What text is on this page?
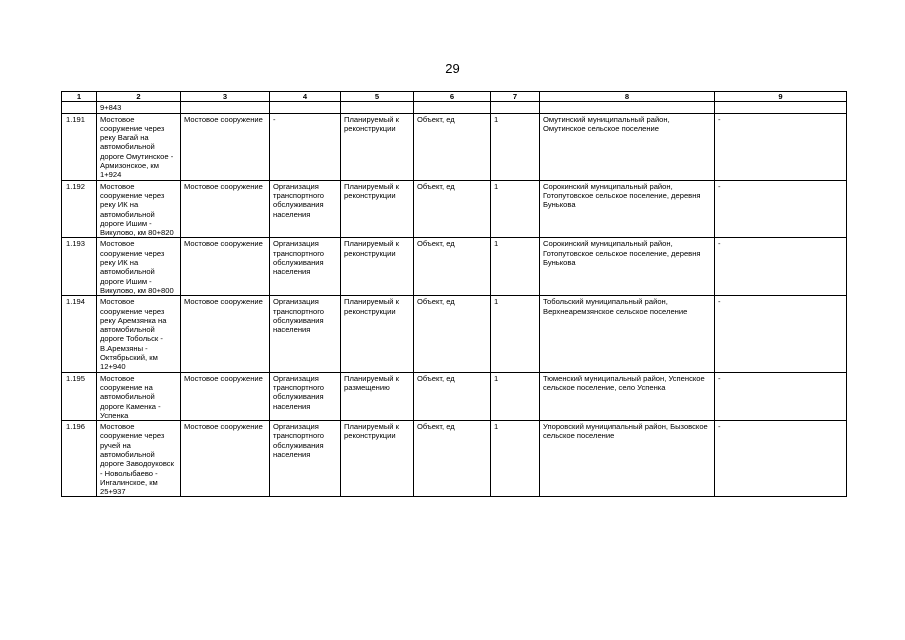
29
1	2	3	4	5	6	7	8	9
	9+843							
1.191	Мостовое сооружение через реку Вагай на автомобильной дороге Омутинское - Армизонское, км 1+924	Мостовое сооружение	-	Планируемый к реконструкции	Объект, ед	1	Омутинский муниципальный район, Омутинское сельское поселение	-
1.192	Мостовое сооружение через реку ИК на автомобильной дороге Ишим - Викулово, км 80+820	Мостовое сооружение	Организация транспортного обслуживания населения	Планируемый к реконструкции	Объект, ед	1	Сорокинский муниципальный район, Готопутовское сельское поселение, деревня Бунькова	-
1.193	Мостовое сооружение через реку ИК на автомобильной дороге Ишим - Викулово, км 80+800	Мостовое сооружение	Организация транспортного обслуживания населения	Планируемый к реконструкции	Объект, ед	1	Сорокинский муниципальный район, Готопутовское сельское поселение, деревня Бунькова	-
1.194	Мостовое сооружение через реку Аремзянка на автомобильной дороге Тобольск - В.Аремзяны - Октябрьский, км 12+940	Мостовое сооружение	Организация транспортного обслуживания населения	Планируемый к реконструкции	Объект, ед	1	Тобольский муниципальный район, Верхнеаремзянское сельское поселение	-
1.195	Мостовое сооружение на автомобильной дороге Каменка - Успенка	Мостовое сооружение	Организация транспортного обслуживания населения	Планируемый к размещению	Объект, ед	1	Тюменский муниципальный район, Успенское сельское поселение, село Успенка	-
1.196	Мостовое сооружение через ручей на автомобильной дороге Заводоуковск - Новолыбаево - Ингалинское, км 25+937	Мостовое сооружение	Организация транспортного обслуживания населения	Планируемый к реконструкции	Объект, ед	1	Упоровский муниципальный район, Бызовское сельское поселение	-
